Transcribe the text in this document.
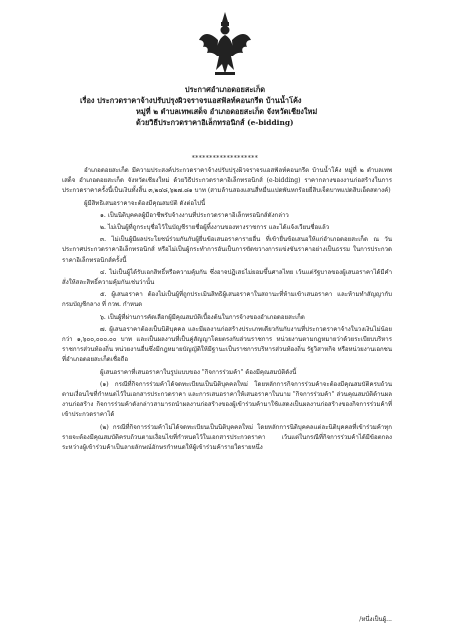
ประกาศอำเภอดอยสะเก็ด
เรื่อง ประกวดราคาจ้างปรับปรุงผิวจราจรแอสฟัลท์คอนกรีต บ้านน้ำโค้ง
หมู่ที่ ๒ ตำบลเทพเสด็จ อำเภอดอยสะเก็ด จังหวัดเชียงใหม่
ด้วยวิธีประกวดราคาอิเล็กทรอนิกส์ (e-bidding)
*******************

อำเภอดอยสะเก็ด มีความประสงค์ประกวดราคาจ้างปรับปรุงผิวจราจรแอสฟัลท์คอนกรีต บ้านน้ำโค้ง หมู่ที่ ๒ ตำบลเทพเสด็จ อำเภอดอยสะเก็ด จังหวัดเชียงใหม่ ด้วยวิธีประกวดราคาอิเล็กทรอนิกส์ (e-bidding) ราคากลางของงานก่อสร้างในการประกวดราคาครั้งนี้เป็นเงินทั้งสิ้น ๓,๒๔๘,๖๒๗.๘๑ บาท (สามล้านสองแสนสี่หมื่นแปดพันหกร้อยยี่สิบเจ็ดบาทแปดสิบเอ็ดสตางค์)

ผู้มีสิทธิเสนอราคาจะต้องมีคุณสมบัติ ดังต่อไปนี้

๑. เป็นนิติบุคคลผู้มีอาชีพรับจ้างงานที่ประกวดราคาอิเล็กทรอนิกส์ดังกล่าว

๒. ไม่เป็นผู้ที่ถูกระบุชื่อไว้ในบัญชีรายชื่อผู้ทิ้งงานของทางราชการ และได้แจ้งเวียนชื่อแล้ว

๓. ไม่เป็นผู้มีผลประโยชน์ร่วมกันกับผู้ยื่นข้อเสนอราคารายอื่น ที่เข้ายื่นข้อเสนอให้แก่อำเภอดอยสะเก็ด ณ วันประกาศประกวดราคาอิเล็กทรอนิกส์ หรือไม่เป็นผู้กระทำการอันเป็นการขัดขวางการแข่งขันราคาอย่างเป็นธรรม ในการประกวดราคาอิเล็กทรอนิกส์ครั้งนี้

๔. ไม่เป็นผู้ได้รับเอกสิทธิ์หรือความคุ้มกัน ซึ่งอาจปฏิเสธไม่ยอมขึ้นศาลไทย เว้นแต่รัฐบาลของผู้เสนอราคาได้มีคำสั่งให้สละสิทธิ์ความคุ้มกันเช่นว่านั้น

๕. ผู้เสนอราคา ต้องไม่เป็นผู้ที่ถูกประเมินสิทธิผู้เสนอราคาในสถานะที่ห้ามเข้าเสนอราคา และห้ามทำสัญญากับกรมบัญชีกลาง ที่ กวพ. กำหนด

๖. เป็นผู้ที่ผ่านการคัดเลือกผู้มีคุณสมบัติเบื้องต้นในการจ้างของอำเภอดอยสะเก็ด

๗. ผู้เสนอราคาต้องเป็นนิติบุคคล และมีผลงานก่อสร้างประเภทเดียวกันกับงานที่ประกวดราคาจ้างในวงเงินไม่น้อยกว่า ๑,๖๐๐,๐๐๐.๐๐ บาท และเป็นผลงานที่เป็นคู่สัญญาโดยตรงกับส่วนราชการ หน่วยงานตามกฎหมายว่าด้วยระเบียบบริหารราชการส่วนท้องถิ่น หน่วยงานอื่นซึ่งมีกฎหมายบัญญัติให้มีฐานะเป็นราชการบริหารส่วนท้องถิ่น รัฐวิสาหกิจ หรือหน่วยงานเอกชนที่อำเภอดอยสะเก็ดเชื่อถือ

ผู้เสนอราคาที่เสนอราคาในรูปแบบของ "กิจการร่วมค้า" ต้องมีคุณสมบัติดังนี้

(๑) กรณีที่กิจการร่วมค้าได้จดทะเบียนเป็นนิติบุคคลใหม่ โดยหลักการกิจการร่วมค้าจะต้องมีคุณสมบัติครบถ้วนตามเงื่อนไขที่กำหนดไว้ในเอกสารประกวดราคา และการเสนอราคาให้เสนอราคาในนาม "กิจการร่วมค้า" ส่วนคุณสมบัติด้านผลงานก่อสร้าง กิจการร่วมค้าดังกล่าวสามารถนำผลงานก่อสร้างของผู้เข้าร่วมค้ามาใช้แสดงเป็นผลงานก่อสร้างของกิจการร่วมค้าที่เข้าประกวดราคาได้

(๒) กรณีที่กิจการร่วมค้าไม่ได้จดทะเบียนเป็นนิติบุคคลใหม่ โดยหลักการนิติบุคคลแต่ละนิติบุคคลที่เข้าร่วมค้าทุกรายจะต้องมีคุณสมบัติครบถ้วนตามเงื่อนไขที่กำหนดไว้ในเอกสารประกวดราคา เว้นแต่ในกรณีที่กิจการร่วมค้าได้มีข้อตกลงระหว่างผู้เข้าร่วมค้าเป็นลายลักษณ์อักษรกำหนดให้ผู้เข้าร่วมค้ารายใดรายหนึ่ง

/หนึ่งเป็นผู้...
